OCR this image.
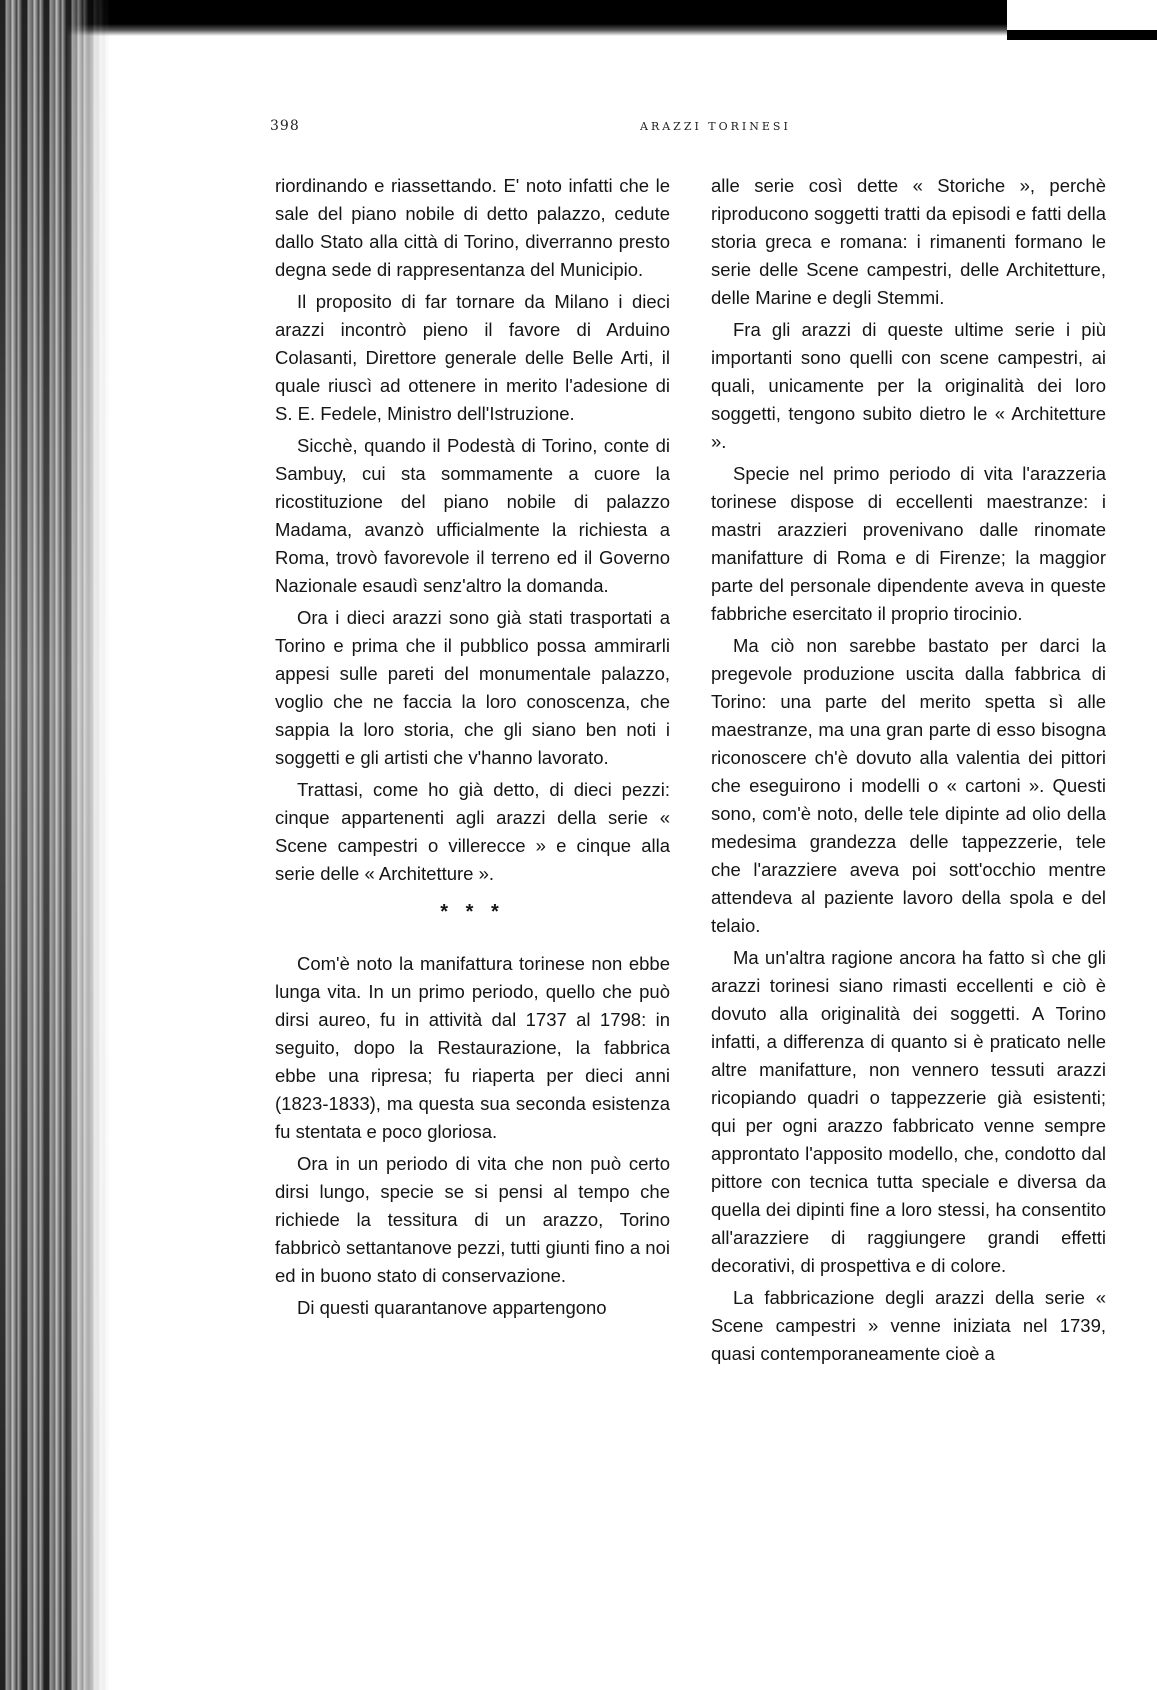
398	ARAZZI TORINESI

riordinando e riassettando. E' noto infatti che le sale del piano nobile di detto palazzo, cedute dallo Stato alla città di Torino, diverranno presto degna sede di rappresentanza del Municipio.

Il proposito di far tornare da Milano i dieci arazzi incontrò pieno il favore di Arduino Colasanti, Direttore generale delle Belle Arti, il quale riuscì ad ottenere in merito l'adesione di S. E. Fedele, Ministro dell'Istruzione.

Sicchè, quando il Podestà di Torino, conte di Sambuy, cui sta sommamente a cuore la ricostituzione del piano nobile di palazzo Madama, avanzò ufficialmente la richiesta a Roma, trovò favorevole il terreno ed il Governo Nazionale esaudì senz'altro la domanda.

Ora i dieci arazzi sono già stati trasportati a Torino e prima che il pubblico possa ammirarli appesi sulle pareti del monumentale palazzo, voglio che ne faccia la loro conoscenza, che sappia la loro storia, che gli siano ben noti i soggetti e gli artisti che v'hanno lavorato.

Trattasi, come ho già detto, di dieci pezzi: cinque appartenenti agli arazzi della serie « Scene campestri o villerecce » e cinque alla serie delle « Architetture ».

* * *

Com'è noto la manifattura torinese non ebbe lunga vita. In un primo periodo, quello che può dirsi aureo, fu in attività dal 1737 al 1798: in seguito, dopo la Restaurazione, la fabbrica ebbe una ripresa; fu riaperta per dieci anni (1823-1833), ma questa sua seconda esistenza fu stentata e poco gloriosa.

Ora in un periodo di vita che non può certo dirsi lungo, specie se si pensi al tempo che richiede la tessitura di un arazzo, Torino fabbricò settantanove pezzi, tutti giunti fino a noi ed in buono stato di conservazione.

Di questi quarantanove appartengono

alle serie così dette « Storiche », perchè riproducono soggetti tratti da episodi e fatti della storia greca e romana: i rimanenti formano le serie delle Scene campestri, delle Architetture, delle Marine e degli Stemmi.

Fra gli arazzi di queste ultime serie i più importanti sono quelli con scene campestri, ai quali, unicamente per la originalità dei loro soggetti, tengono subito dietro le « Architetture ».

Specie nel primo periodo di vita l'arazzeria torinese dispose di eccellenti maestranze: i mastri arazzieri provenivano dalle rinomate manifatture di Roma e di Firenze; la maggior parte del personale dipendente aveva in queste fabbriche esercitato il proprio tirocinio.

Ma ciò non sarebbe bastato per darci la pregevole produzione uscita dalla fabbrica di Torino: una parte del merito spetta sì alle maestranze, ma una gran parte di esso bisogna riconoscere ch'è dovuto alla valentia dei pittori che eseguirono i modelli o « cartoni ». Questi sono, com'è noto, delle tele dipinte ad olio della medesima grandezza delle tappezzerie, tele che l'arazziere aveva poi sott'occhio mentre attendeva al paziente lavoro della spola e del telaio.

Ma un'altra ragione ancora ha fatto sì che gli arazzi torinesi siano rimasti eccellenti e ciò è dovuto alla originalità dei soggetti. A Torino infatti, a differenza di quanto si è praticato nelle altre manifatture, non vennero tessuti arazzi ricopiando quadri o tappezzerie già esistenti; qui per ogni arazzo fabbricato venne sempre approntato l'apposito modello, che, condotto dal pittore con tecnica tutta speciale e diversa da quella dei dipinti fine a loro stessi, ha consentito all'arazziere di raggiungere grandi effetti decorativi, di prospettiva e di colore.

La fabbricazione degli arazzi della serie « Scene campestri » venne iniziata nel 1739, quasi contemporaneamente cioè a
